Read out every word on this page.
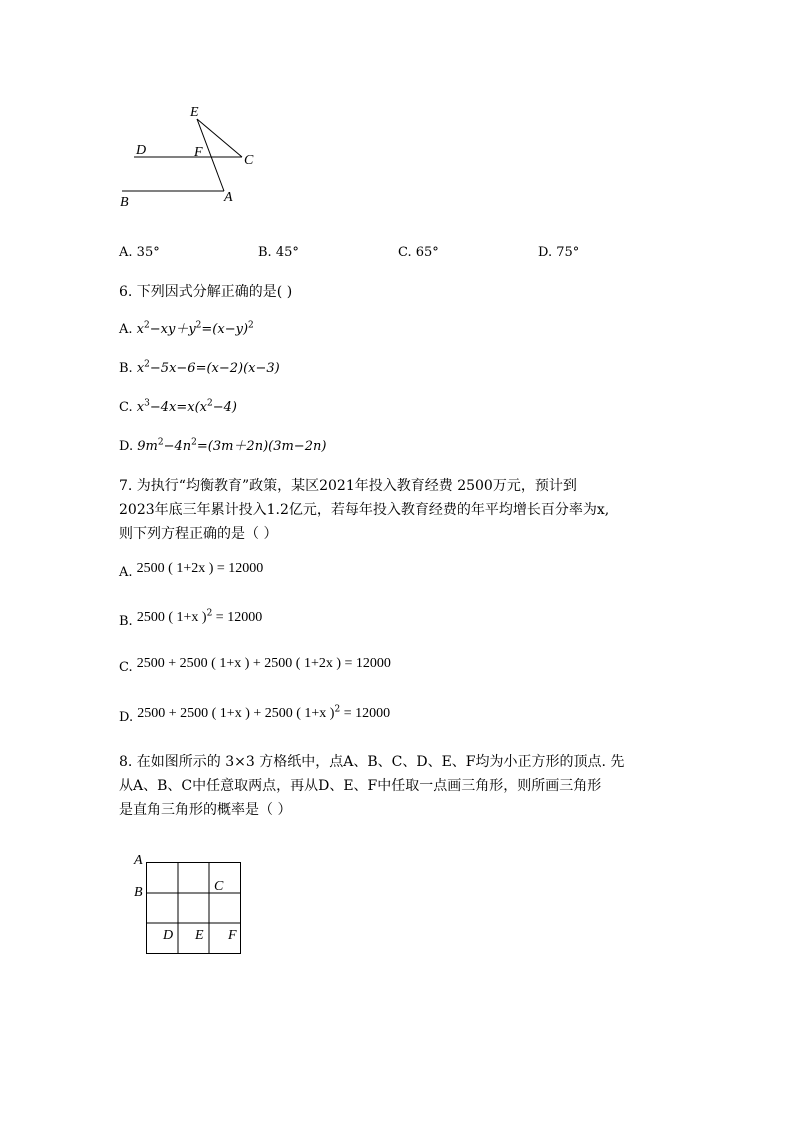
E
D	F
C
B	A
A. 35°	B. 45°	C. 65°	D. 75°
6. 下列因式分解正确的是( )
A. $x^2-xy+y^2=(x-y)^2$
B. $x^2-5x-6=(x-2)(x-3)$
C. $x^3-4x=x(x^2-4)$
D. $9m^2-4n^2=(3m+2n)(3m-2n)$
7. 为执行“均衡教育”政策，某区2021年投入教育经费 2500万元，预计到
2023年底三年累计投入1.2亿元，若每年投入教育经费的年平均增长百分率为x,
则下列方程正确的是（ ）
A. 2500 ( 1+2x ) = 12000
B. 2500 ( 1+x )$^2$ = 12000
C. 2500 + 2500 ( 1+x ) + 2500 ( 1+2x ) = 12000
D. 2500 + 2500 ( 1+x ) + 2500 ( 1+x )$^2$ = 12000
8. 在如图所示的 3×3 方格纸中，点A、B、C、D、E、F均为小正方形的顶点. 先
从A、B、C中任意取两点，再从D、E、F中任取一点画三角形，则所画三角形
是直角三角形的概率是（ ）
A
B	C
D E F
